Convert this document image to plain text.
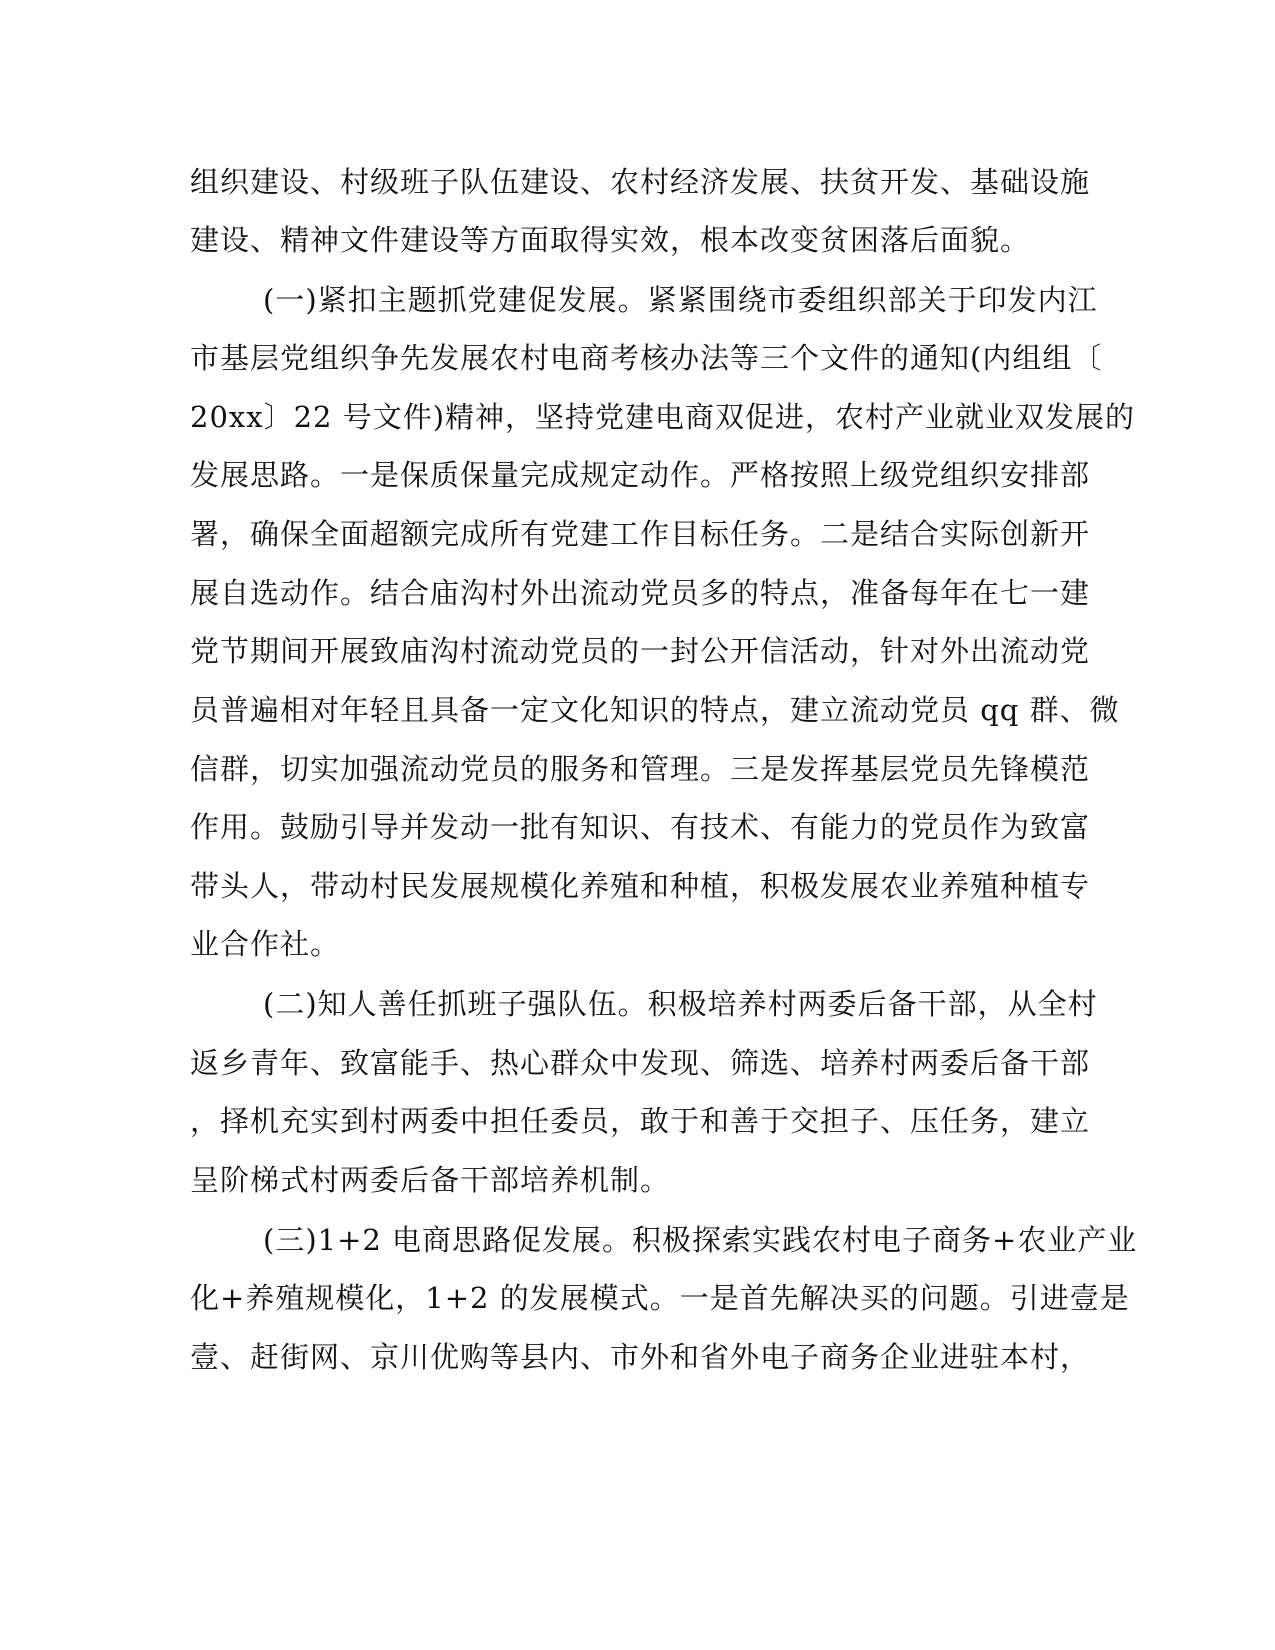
组织建设、村级班子队伍建设、农村经济发展、扶贫开发、基础设施
建设、精神文件建设等方面取得实效，根本改变贫困落后面貌。
(一)紧扣主题抓党建促发展。紧紧围绕市委组织部关于印发内江
市基层党组织争先发展农村电商考核办法等三个文件的通知(内组组〔
20xx〕22 号文件)精神，坚持党建电商双促进，农村产业就业双发展的
发展思路。一是保质保量完成规定动作。严格按照上级党组织安排部
署，确保全面超额完成所有党建工作目标任务。二是结合实际创新开
展自选动作。结合庙沟村外出流动党员多的特点，准备每年在七一建
党节期间开展致庙沟村流动党员的一封公开信活动，针对外出流动党
员普遍相对年轻且具备一定文化知识的特点，建立流动党员 qq 群、微
信群，切实加强流动党员的服务和管理。三是发挥基层党员先锋模范
作用。鼓励引导并发动一批有知识、有技术、有能力的党员作为致富
带头人，带动村民发展规模化养殖和种植，积极发展农业养殖种植专
业合作社。
(二)知人善任抓班子强队伍。积极培养村两委后备干部，从全村
返乡青年、致富能手、热心群众中发现、筛选、培养村两委后备干部
，择机充实到村两委中担任委员，敢于和善于交担子、压任务，建立
呈阶梯式村两委后备干部培养机制。
(三)1+2 电商思路促发展。积极探索实践农村电子商务+农业产业
化+养殖规模化，1+2 的发展模式。一是首先解决买的问题。引进壹是
壹、赶街网、京川优购等县内、市外和省外电子商务企业进驻本村，
